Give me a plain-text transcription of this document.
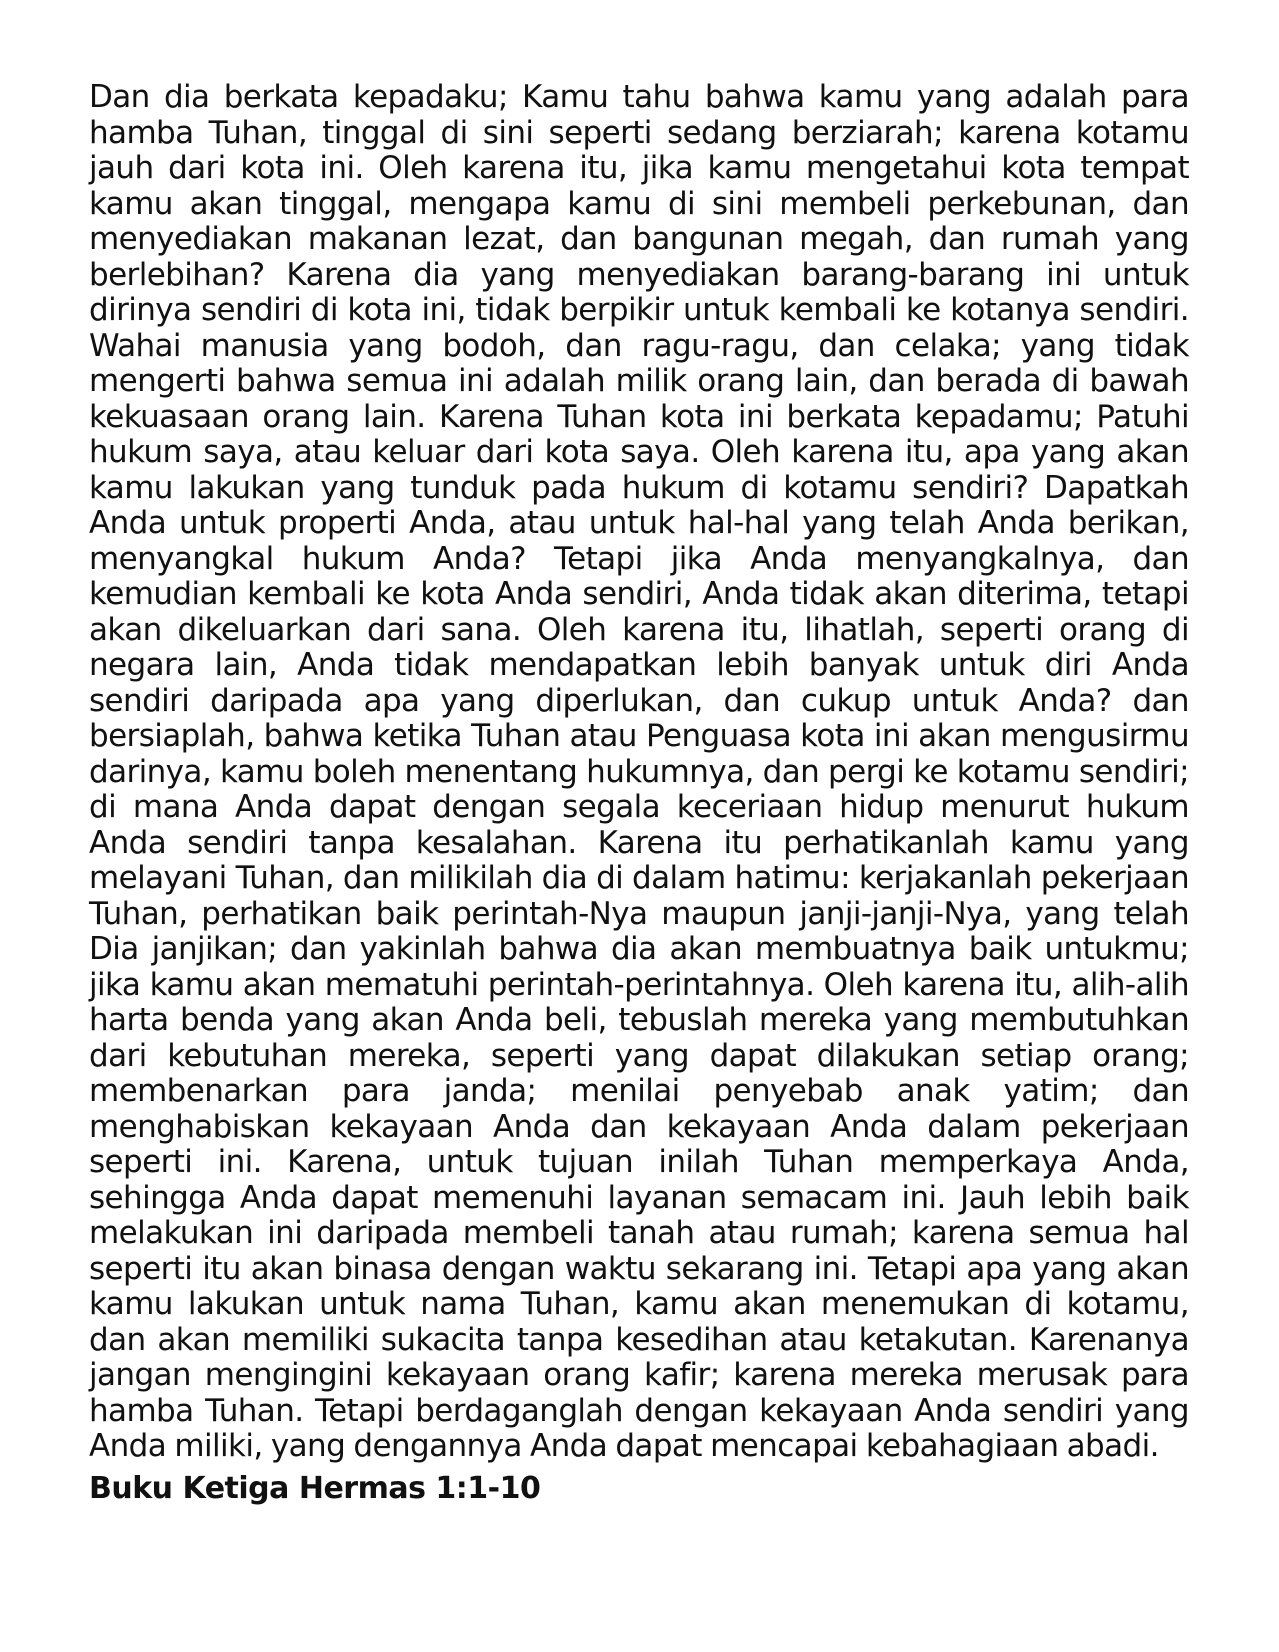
Dan dia berkata kepadaku; Kamu tahu bahwa kamu yang adalah para hamba Tuhan, tinggal di sini seperti sedang berziarah; karena kotamu jauh dari kota ini. Oleh karena itu, jika kamu mengetahui kota tempat kamu akan tinggal, mengapa kamu di sini membeli perkebunan, dan menyediakan makanan lezat, dan bangunan megah, dan rumah yang berlebihan? Karena dia yang menyediakan barang-barang ini untuk dirinya sendiri di kota ini, tidak berpikir untuk kembali ke kotanya sendiri. Wahai manusia yang bodoh, dan ragu-ragu, dan celaka; yang tidak mengerti bahwa semua ini adalah milik orang lain, dan berada di bawah kekuasaan orang lain. Karena Tuhan kota ini berkata kepadamu; Patuhi hukum saya, atau keluar dari kota saya. Oleh karena itu, apa yang akan kamu lakukan yang tunduk pada hukum di kotamu sendiri? Dapatkah Anda untuk properti Anda, atau untuk hal-hal yang telah Anda berikan, menyangkal hukum Anda? Tetapi jika Anda menyangkalnya, dan kemudian kembali ke kota Anda sendiri, Anda tidak akan diterima, tetapi akan dikeluarkan dari sana. Oleh karena itu, lihatlah, seperti orang di negara lain, Anda tidak mendapatkan lebih banyak untuk diri Anda sendiri daripada apa yang diperlukan, dan cukup untuk Anda? dan bersiaplah, bahwa ketika Tuhan atau Penguasa kota ini akan mengusirmu darinya, kamu boleh menentang hukumnya, dan pergi ke kotamu sendiri; di mana Anda dapat dengan segala keceriaan hidup menurut hukum Anda sendiri tanpa kesalahan. Karena itu perhatikanlah kamu yang melayani Tuhan, dan milikilah dia di dalam hatimu: kerjakanlah pekerjaan Tuhan, perhatikan baik perintah-Nya maupun janji-janji-Nya, yang telah Dia janjikan; dan yakinlah bahwa dia akan membuatnya baik untukmu; jika kamu akan mematuhi perintah-perintahnya. Oleh karena itu, alih-alih harta benda yang akan Anda beli, tebuslah mereka yang membutuhkan dari kebutuhan mereka, seperti yang dapat dilakukan setiap orang; membenarkan para janda; menilai penyebab anak yatim; dan menghabiskan kekayaan Anda dan kekayaan Anda dalam pekerjaan seperti ini. Karena, untuk tujuan inilah Tuhan memperkaya Anda, sehingga Anda dapat memenuhi layanan semacam ini. Jauh lebih baik melakukan ini daripada membeli tanah atau rumah; karena semua hal seperti itu akan binasa dengan waktu sekarang ini. Tetapi apa yang akan kamu lakukan untuk nama Tuhan, kamu akan menemukan di kotamu, dan akan memiliki sukacita tanpa kesedihan atau ketakutan. Karenanya jangan menginginі kekayaan orang kafir; karena mereka merusak para hamba Tuhan. Tetapi berdaganglah dengan kekayaan Anda sendiri yang Anda miliki, yang dengannya Anda dapat mencapai kebahagiaan abadi.

Buku Ketiga Hermas 1:1-10
